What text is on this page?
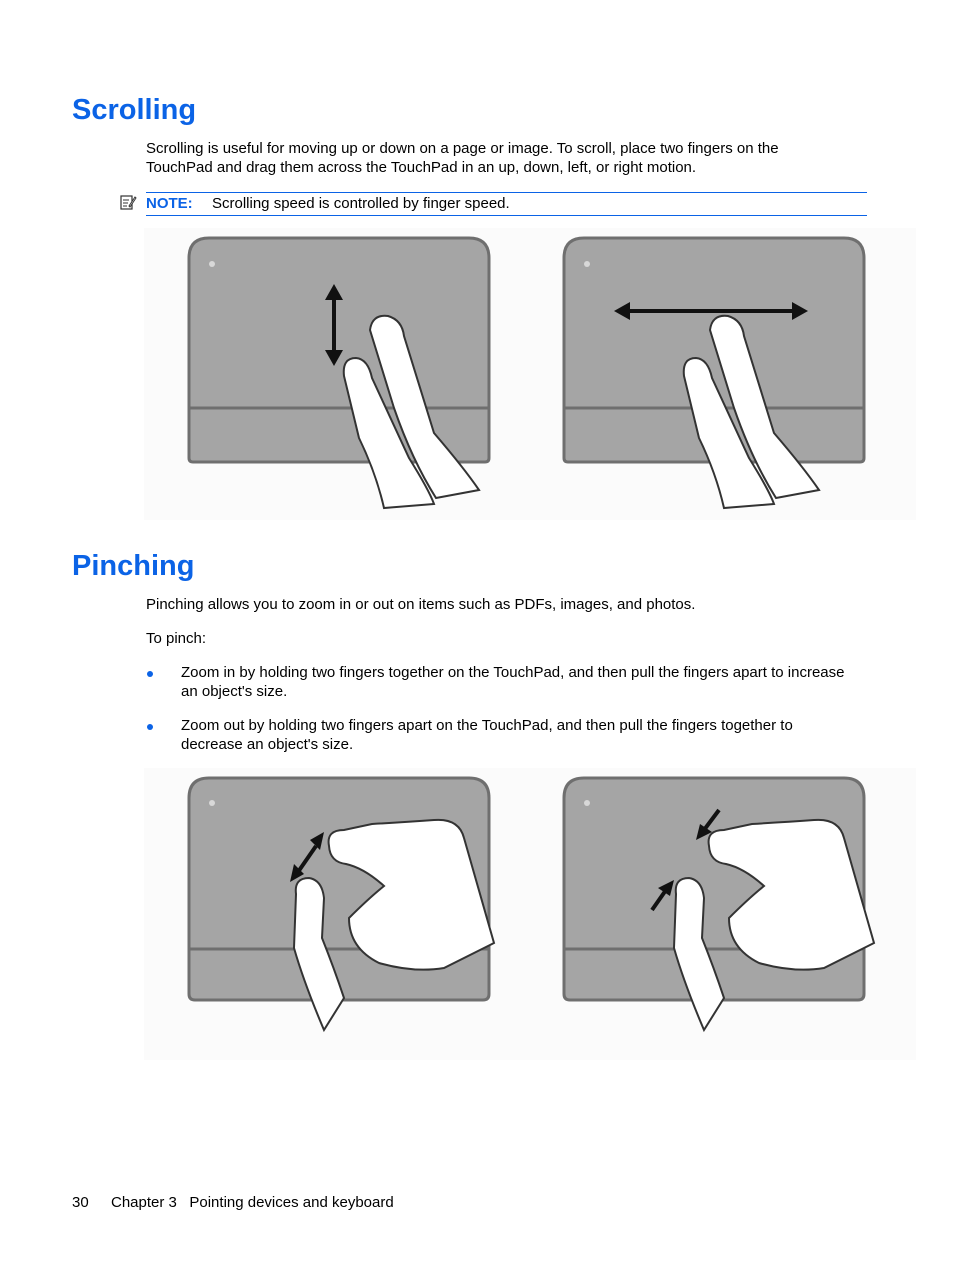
Scrolling

Scrolling is useful for moving up or down on a page or image. To scroll, place two fingers on the

TouchPad and drag them across the TouchPad in an up, down, left, or right motion.

NOTE: Scrolling speed is controlled by finger speed.
Pinching

Pinching allows you to zoom in or out on items such as PDFs, images, and photos.

To pinch:

Zoom in by holding two fingers together on the TouchPad, and then pull the fingers apart to increase

an object's size.

Zoom out by holding two fingers apart on the TouchPad, and then pull the fingers together to

decrease an object's size.

30 Chapter 3   Pointing devices and keyboard
